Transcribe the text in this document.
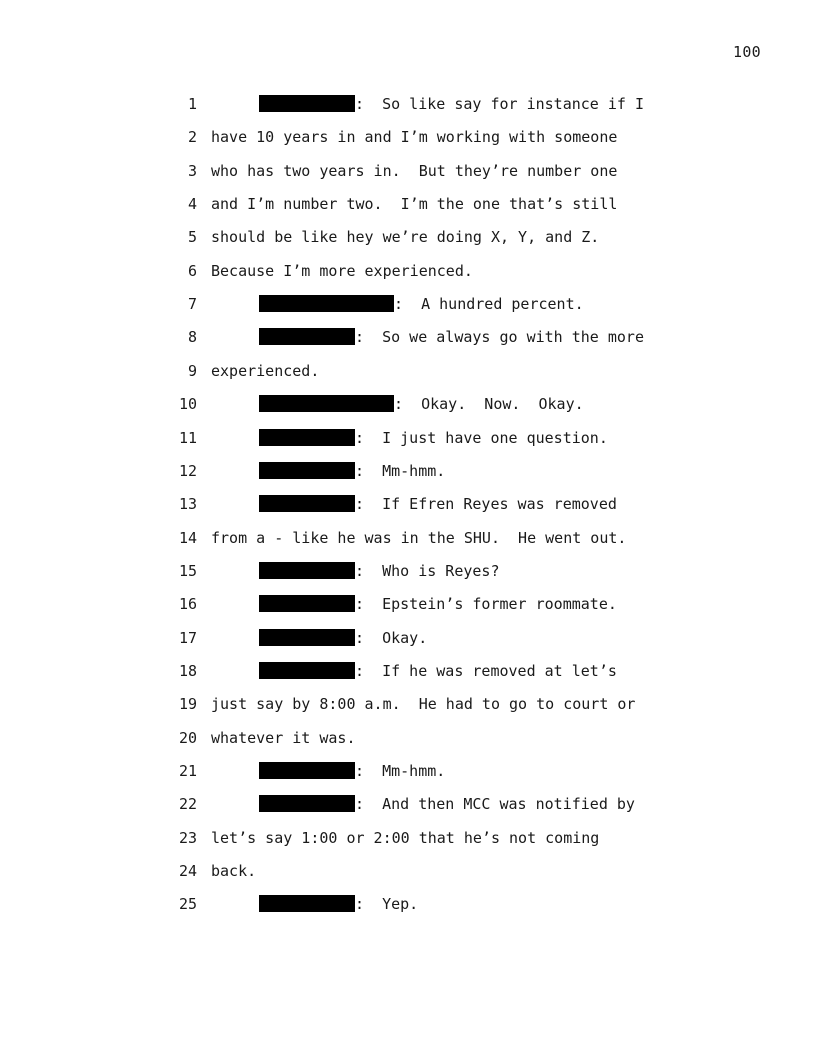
100
1	:  So like say for instance if I
2 have 10 years in and I’m working with someone
3 who has two years in.  But they’re number one
4 and I’m number two.  I’m the one that’s still
5 should be like hey we’re doing X, Y, and Z.
6 Because I’m more experienced.
7	:  A hundred percent.
8	:  So we always go with the more
9 experienced.
10	:  Okay.  Now.  Okay.
11	:  I just have one question.
12	:  Mm-hmm.
13	:  If Efren Reyes was removed
14 from a - like he was in the SHU.  He went out.
15	:  Who is Reyes?
16	:  Epstein’s former roommate.
17	:  Okay.
18	:  If he was removed at let’s
19 just say by 8:00 a.m.  He had to go to court or
20 whatever it was.
21	:  Mm-hmm.
22	:  And then MCC was notified by
23 let’s say 1:00 or 2:00 that he’s not coming
24 back.
25	:  Yep.
